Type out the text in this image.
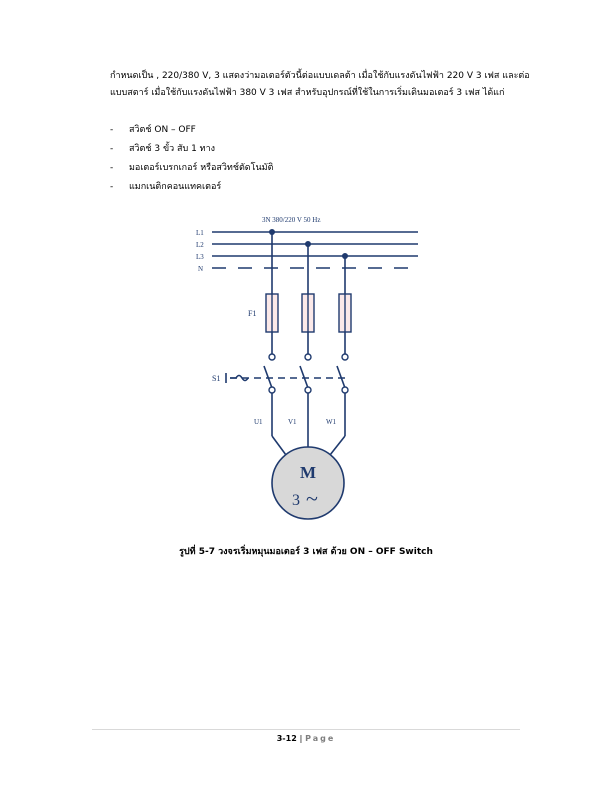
กำหนดเป็น , 220/380 V, 3 แสดงว่ามอเตอร์ตัวนี้ต่อแบบเดลต้า เมื่อใช้กับแรงดันไฟฟ้า 220 V 3 เฟส และต่อแบบสตาร์ เมื่อใช้กับแรงดันไฟฟ้า 380 V 3 เฟส สำหรับอุปกรณ์ที่ใช้ในการเริ่มเดินมอเตอร์ 3 เฟส ได้แก่
- สวิตช์ ON – OFF
- สวิตช์ 3 ขั้ว สับ 1 ทาง
- มอเตอร์เบรกเกอร์ หรือสวิทช์ตัดโนมัติ
- แมกเนติกคอนแทคเตอร์
3N 380/220 V 50 Hz
L1
L2
L3
N
F1
S1
U1	V1	W1
M
3 ~
รูปที่ 5-7 วงจรเริ่มหมุนมอเตอร์ 3 เฟส ด้วย ON – OFF Switch
3-12 | Page
